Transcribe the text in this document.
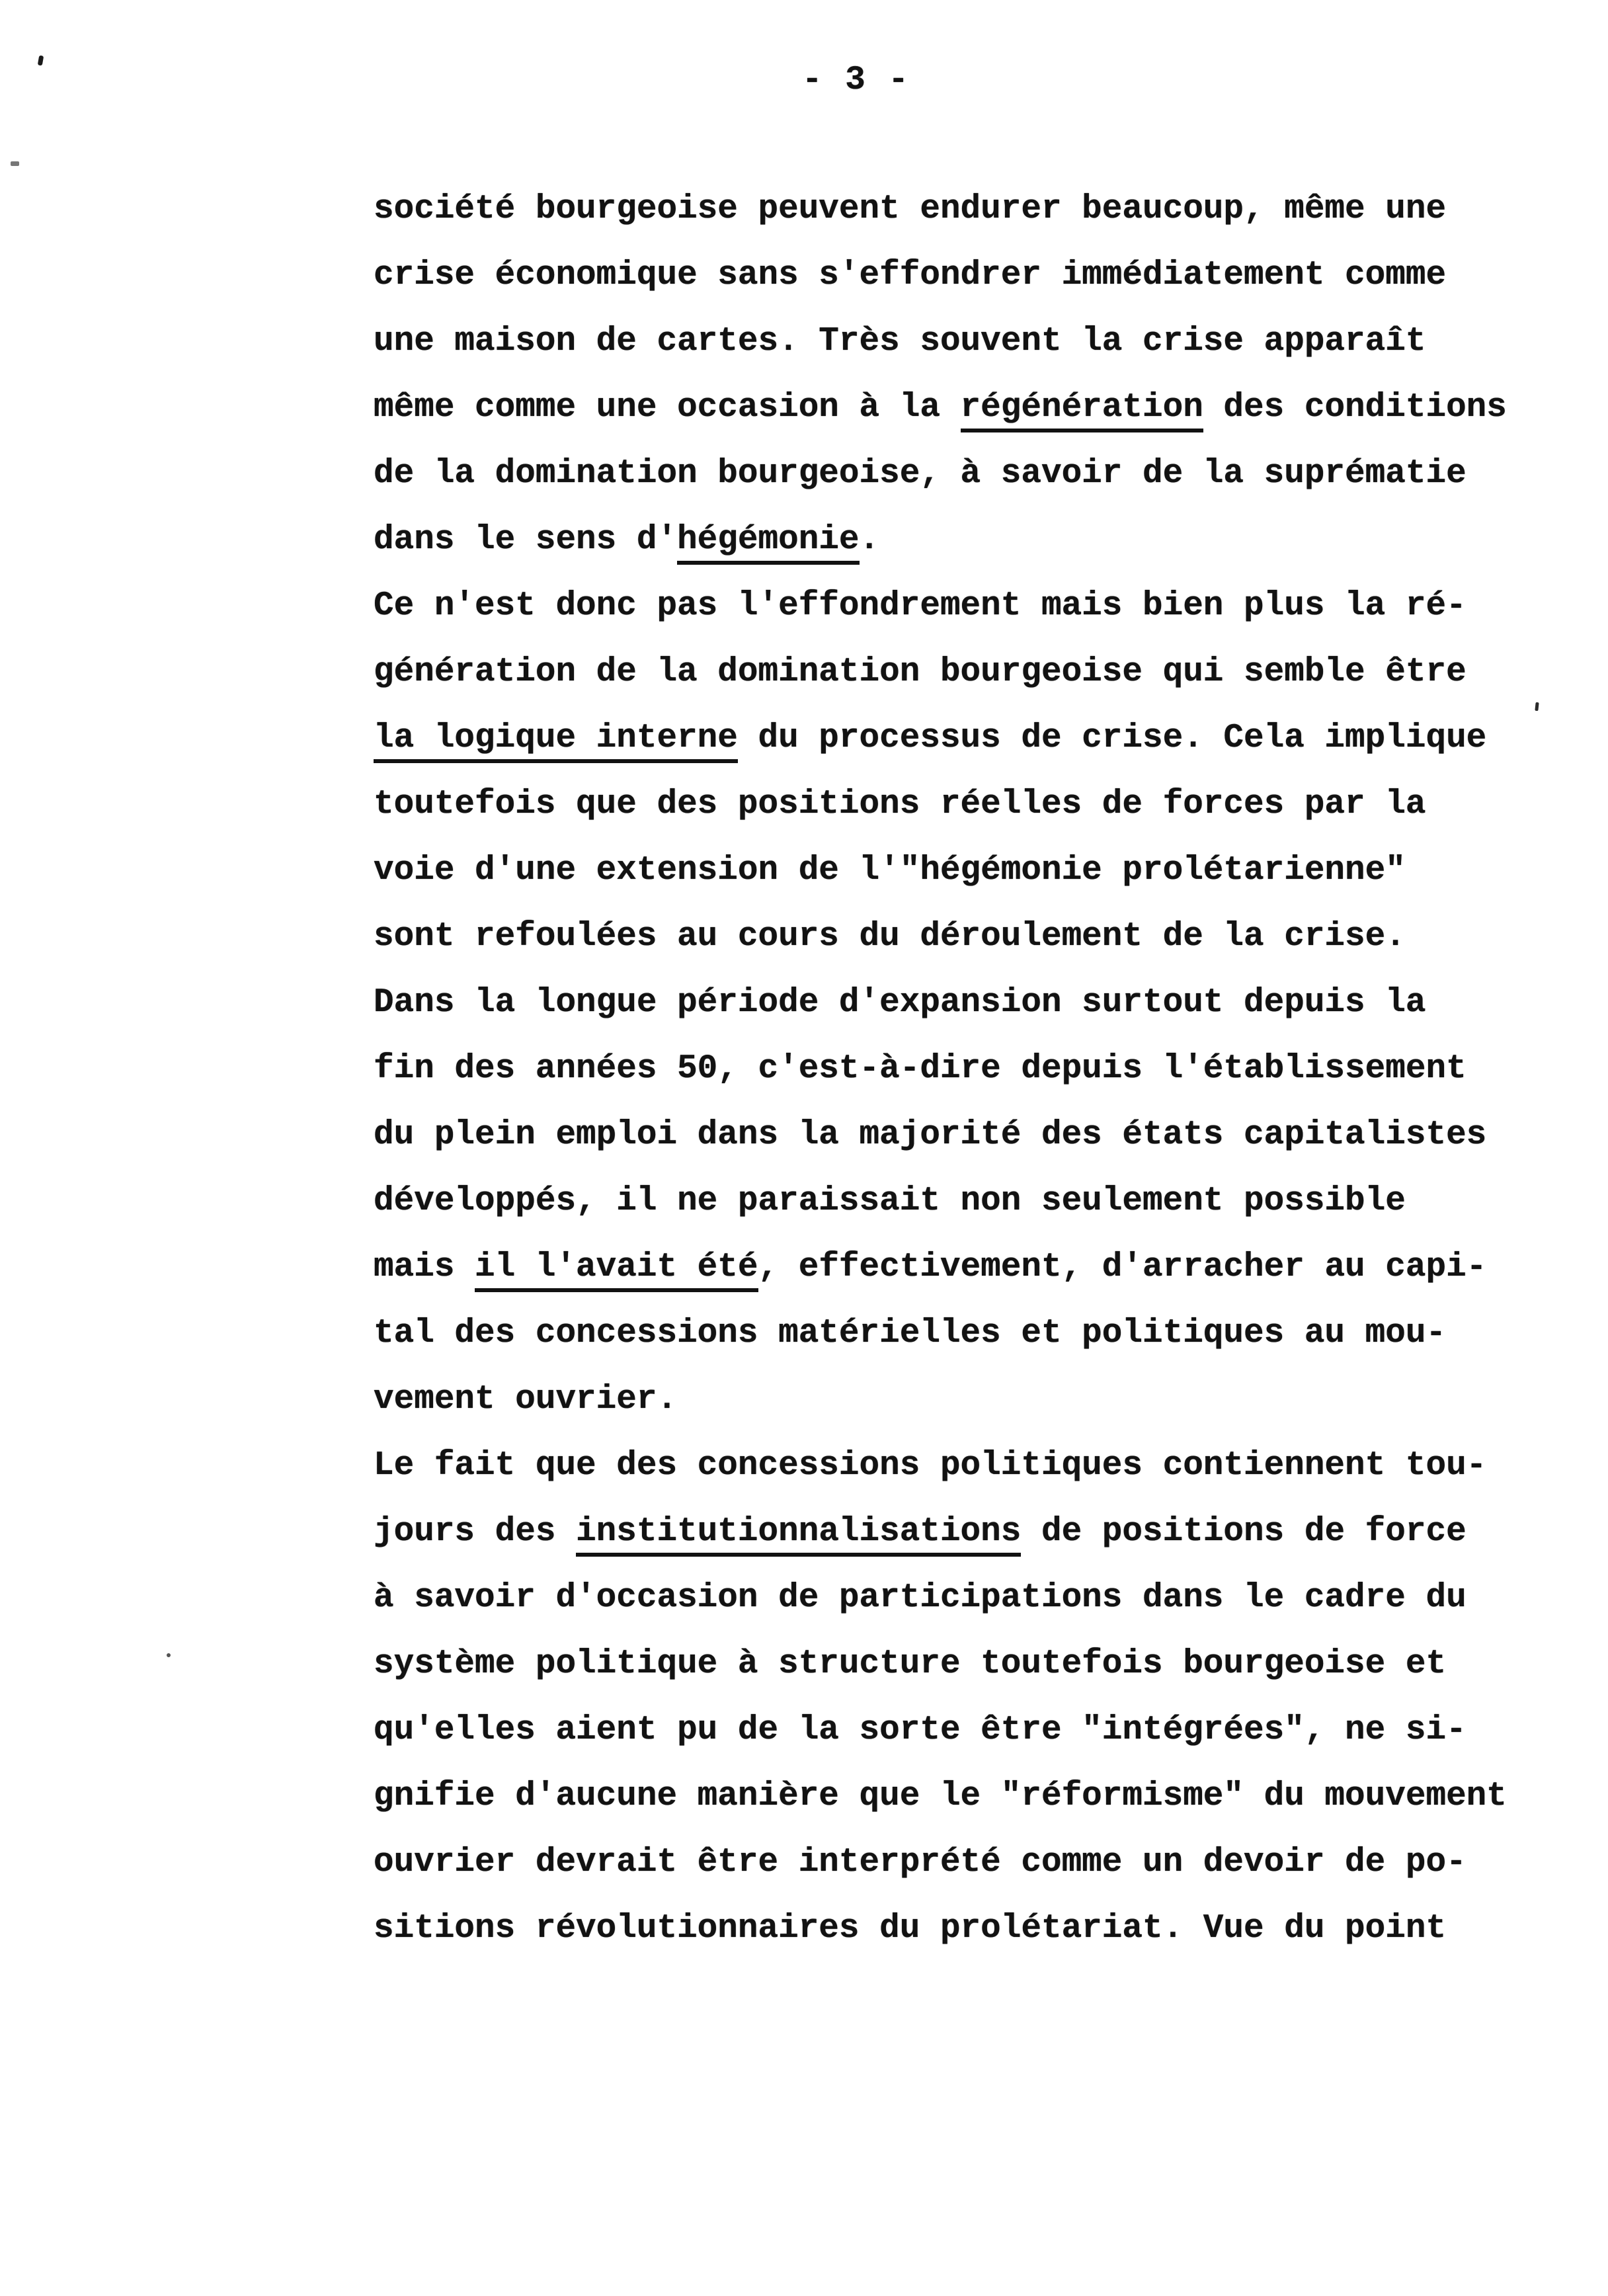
- 3 -
société bourgeoise peuvent endurer beaucoup, même une
crise économique sans s'effondrer immédiatement comme
une maison de cartes. Très souvent la crise apparaît
même comme une occasion à la régénération des conditions
de la domination bourgeoise, à savoir de la suprématie
dans le sens d'hégémonie.
Ce n'est donc pas l'effondrement mais bien plus la ré-
génération de la domination bourgeoise qui semble être
la logique interne du processus de crise. Cela implique
toutefois que des positions réelles de forces par la
voie d'une extension de l'"hégémonie prolétarienne"
sont refoulées au cours du déroulement de la crise.
Dans la longue période d'expansion surtout depuis la
fin des années 50, c'est-à-dire depuis l'établissement
du plein emploi dans la majorité des états capitalistes
développés, il ne paraissait non seulement possible
mais il l'avait été, effectivement, d'arracher au capi-
tal des concessions matérielles et politiques au mou-
vement ouvrier.
Le fait que des concessions politiques contiennent tou-
jours des institutionnalisations de positions de force
à savoir d'occasion de participations dans le cadre du
système politique à structure toutefois bourgeoise et
qu'elles aient pu de la sorte être "intégrées", ne si-
gnifie d'aucune manière que le "réformisme" du mouvement
ouvrier devrait être interprété comme un devoir de po-
sitions révolutionnaires du prolétariat. Vue du point
